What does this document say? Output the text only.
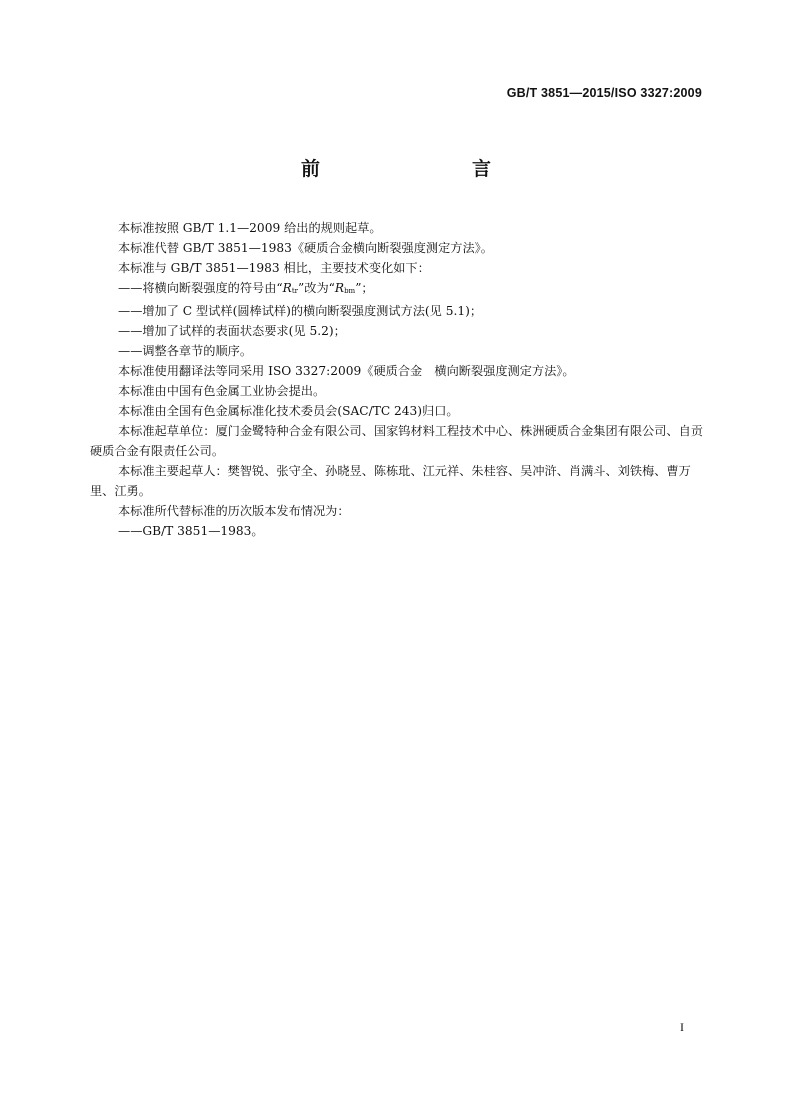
GB/T 3851—2015/ISO 3327:2009
前　　言

本标准按照 GB/T 1.1—2009 给出的规则起草。

本标准代替 GB/T 3851—1983《硬质合金横向断裂强度测定方法》。

本标准与 GB/T 3851—1983 相比，主要技术变化如下：

——将横向断裂强度的符号由“$R_{tr}$”改为“$R_{bm}$”；

——增加了 C 型试样(圆棒试样)的横向断裂强度测试方法(见 5.1)；

——增加了试样的表面状态要求(见 5.2)；

——调整各章节的顺序。

本标准使用翻译法等同采用 ISO 3327:2009《硬质合金　横向断裂强度测定方法》。

本标准由中国有色金属工业协会提出。

本标准由全国有色金属标准化技术委员会(SAC/TC 243)归口。

本标准起草单位：厦门金鹭特种合金有限公司、国家钨材料工程技术中心、株洲硬质合金集团有限公司、自贡硬质合金有限责任公司。

本标准主要起草人：樊智锐、张守全、孙晓昱、陈栋玭、江元祥、朱桂容、吴冲浒、肖满斗、刘铁梅、曹万里、江勇。

本标准所代替标准的历次版本发布情况为：

——GB/T 3851—1983。

I
